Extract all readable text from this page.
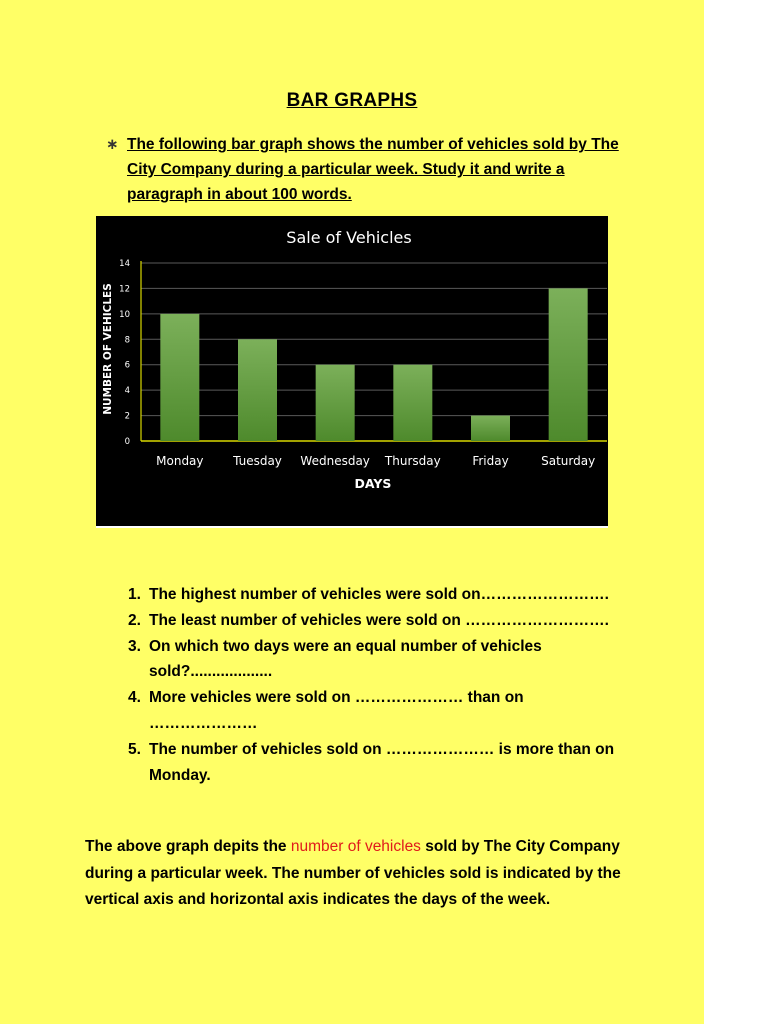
BAR GRAPHS
∗ The following bar graph shows the number of vehicles sold by The City Company during a particular week. Study it and write a paragraph in about 100 words.
Sale of Vehicles
NUMBER OF VEHICLES
DAYS
0
2
4
6
8
10
12
14
Monday Tuesday Wednesday Thursday	Friday	Saturday
1. The highest number of vehicles were sold on…………………….
2. The least number of vehicles were sold on ……………………….
3. On which two days were an equal number of vehicles sold?...................
4. More vehicles were sold on ………………… than on …………………
5. The number of vehicles sold on ………………… is more than on Monday.
The above graph depits the number of vehicles sold by The City Company during a particular week. The number of vehicles sold is indicated by the vertical axis and horizontal axis indicates the days of the week.
